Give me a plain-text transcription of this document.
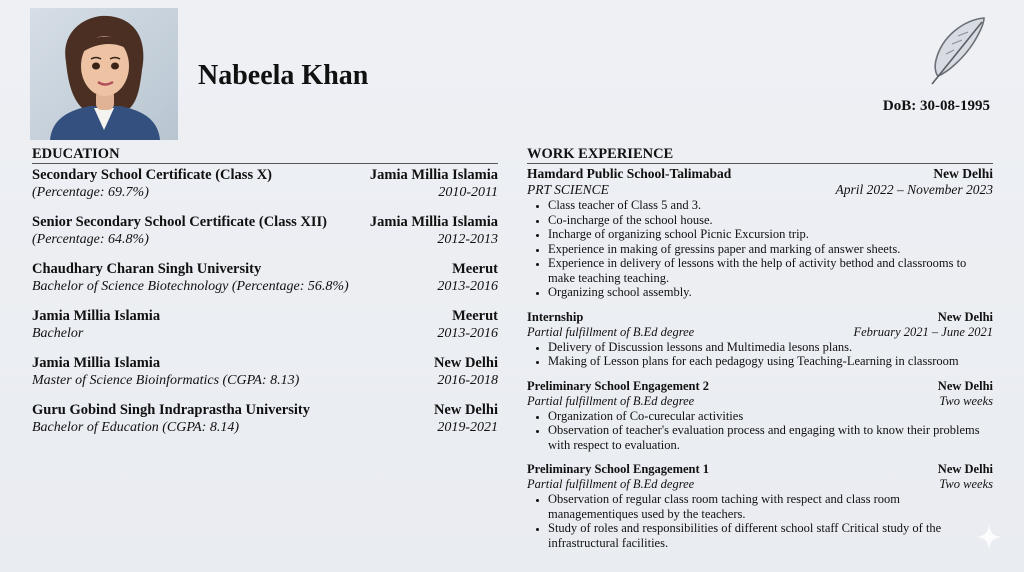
Nabeela Khan
DoB: 30-08-1995
EDUCATION
Secondary School Certificate (Class X)	Jamia Millia Islamia
(Percentage: 69.7%)	2010-2011
Senior Secondary School Certificate (Class XII)	Jamia Millia Islamia
(Percentage: 64.8%)	2012-2013
Chaudhary Charan Singh University	Meerut
Bachelor of Science Biotechnology (Percentage: 56.8%)	2013-2016
Jamia Millia Islamia	Meerut
Bachelor	2013-2016
Jamia Millia Islamia	New Delhi
Master of Science Bioinformatics (CGPA: 8.13)	2016-2018
Guru Gobind Singh Indraprastha University	New Delhi
Bachelor of Education (CGPA: 8.14)	2019-2021
WORK EXPERIENCE
Hamdard Public School-Talimabad	New Delhi
PRT SCIENCE	April 2022 – November 2023
• Class teacher of Class 5 and 3.
• Co-incharge of the school house.
• Incharge of organizing school Picnic Excursion trip.
• Experience in making of gressins paper and marking of answer sheets.
• Experience in delivery of lessons with the help of activity bethod and classrooms to make teaching teaching.
• Organizing school assembly.
Internship	New Delhi
Partial fulfillment of B.Ed degree	February 2021 – June 2021
• Delivery of Discussion lessons and Multimedia lesons plans.
• Making of Lesson plans for each pedagogy using Teaching-Learning in classroom
Preliminary School Engagement 2	New Delhi
Partial fulfillment of B.Ed degree	Two weeks
• Organization of Co-curecular activities
• Observation of teacher's evaluation process and engaging with to know their problems with respect to evaluation.
Preliminary School Engagement 1	New Delhi
Partial fulfillment of B.Ed degree	Two weeks
• Observation of regular class room taching with respect and class room managementiques used by the teachers.
• Study of roles and responsibilities of different school staff Critical study of the infrastructural facilities.
